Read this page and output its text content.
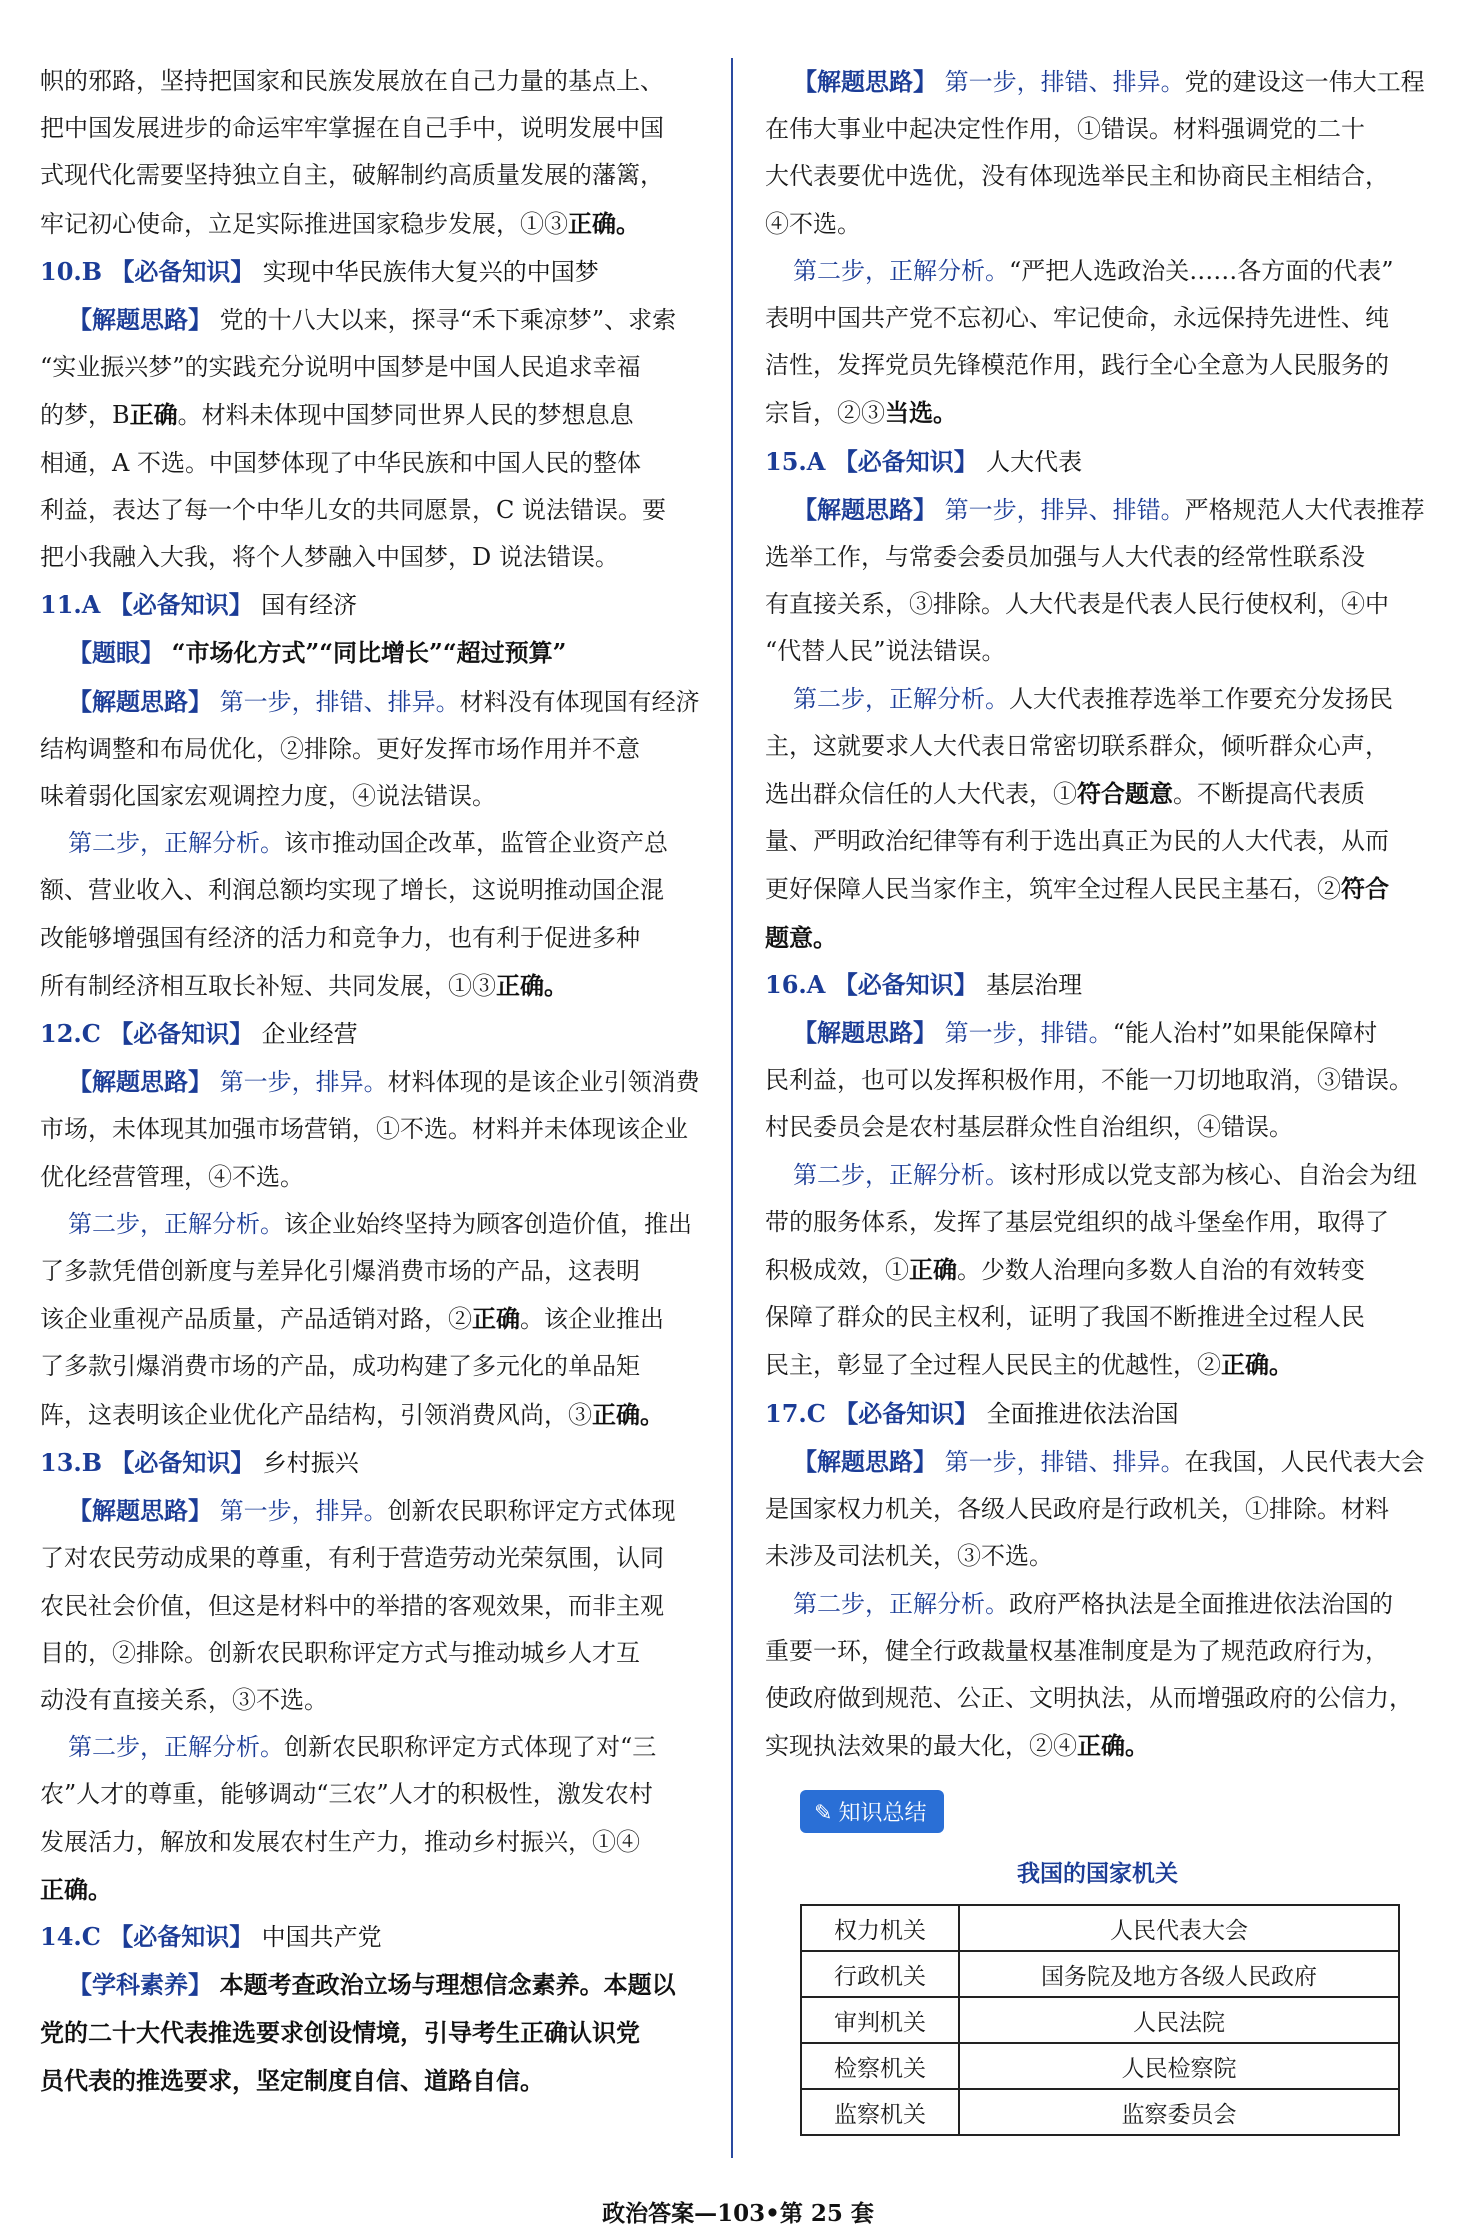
帜的邪路，坚持把国家和民族发展放在自己力量的基点上、

把中国发展进步的命运牢牢掌握在自己手中，说明发展中国

式现代化需要坚持独立自主，破解制约高质量发展的藩篱，

牢记初心使命，立足实际推进国家稳步发展，①③正确。

10.B 【必备知识】 实现中华民族伟大复兴的中国梦

【解题思路】 党的十八大以来，探寻“禾下乘凉梦”、求索

“实业振兴梦”的实践充分说明中国梦是中国人民追求幸福

的梦，B正确。材料未体现中国梦同世界人民的梦想息息

相通，A 不选。中国梦体现了中华民族和中国人民的整体

利益，表达了每一个中华儿女的共同愿景，C 说法错误。要

把小我融入大我，将个人梦融入中国梦，D 说法错误。

11.A 【必备知识】 国有经济

【题眼】 “市场化方式”“同比增长”“超过预算”

【解题思路】 第一步，排错、排异。材料没有体现国有经济

结构调整和布局优化，②排除。更好发挥市场作用并不意

味着弱化国家宏观调控力度，④说法错误。

第二步，正解分析。该市推动国企改革，监管企业资产总

额、营业收入、利润总额均实现了增长，这说明推动国企混

改能够增强国有经济的活力和竞争力，也有利于促进多种

所有制经济相互取长补短、共同发展，①③正确。

12.C 【必备知识】 企业经营

【解题思路】 第一步，排异。材料体现的是该企业引领消费

市场，未体现其加强市场营销，①不选。材料并未体现该企业

优化经营管理，④不选。

第二步，正解分析。该企业始终坚持为顾客创造价值，推出

了多款凭借创新度与差异化引爆消费市场的产品，这表明

该企业重视产品质量，产品适销对路，②正确。该企业推出

了多款引爆消费市场的产品，成功构建了多元化的单品矩

阵，这表明该企业优化产品结构，引领消费风尚，③正确。

13.B 【必备知识】 乡村振兴

【解题思路】 第一步，排异。创新农民职称评定方式体现

了对农民劳动成果的尊重，有利于营造劳动光荣氛围，认同

农民社会价值，但这是材料中的举措的客观效果，而非主观

目的，②排除。创新农民职称评定方式与推动城乡人才互

动没有直接关系，③不选。

第二步，正解分析。创新农民职称评定方式体现了对“三

农”人才的尊重，能够调动“三农”人才的积极性，激发农村

发展活力，解放和发展农村生产力，推动乡村振兴，①④

正确。

14.C 【必备知识】 中国共产党

【学科素养】 本题考查政治立场与理想信念素养。本题以

党的二十大代表推选要求创设情境，引导考生正确认识党

员代表的推选要求，坚定制度自信、道路自信。

【解题思路】 第一步，排错、排异。党的建设这一伟大工程

在伟大事业中起决定性作用，①错误。材料强调党的二十

大代表要优中选优，没有体现选举民主和协商民主相结合，

④不选。

第二步，正解分析。“严把人选政治关……各方面的代表”

表明中国共产党不忘初心、牢记使命，永远保持先进性、纯

洁性，发挥党员先锋模范作用，践行全心全意为人民服务的

宗旨，②③当选。

15.A 【必备知识】 人大代表

【解题思路】 第一步，排异、排错。严格规范人大代表推荐

选举工作，与常委会委员加强与人大代表的经常性联系没

有直接关系，③排除。人大代表是代表人民行使权利，④中

“代替人民”说法错误。

第二步，正解分析。人大代表推荐选举工作要充分发扬民

主，这就要求人大代表日常密切联系群众，倾听群众心声，

选出群众信任的人大代表，①符合题意。不断提高代表质

量、严明政治纪律等有利于选出真正为民的人大代表，从而

更好保障人民当家作主，筑牢全过程人民民主基石，②符合

题意。

16.A 【必备知识】 基层治理

【解题思路】 第一步，排错。“能人治村”如果能保障村

民利益，也可以发挥积极作用，不能一刀切地取消，③错误。

村民委员会是农村基层群众性自治组织，④错误。

第二步，正解分析。该村形成以党支部为核心、自治会为纽

带的服务体系，发挥了基层党组织的战斗堡垒作用，取得了

积极成效，①正确。少数人治理向多数人自治的有效转变

保障了群众的民主权利，证明了我国不断推进全过程人民

民主，彰显了全过程人民民主的优越性，②正确。

17.C 【必备知识】 全面推进依法治国

【解题思路】 第一步，排错、排异。在我国，人民代表大会

是国家权力机关，各级人民政府是行政机关，①排除。材料

未涉及司法机关，③不选。

第二步，正解分析。政府严格执法是全面推进依法治国的

重要一环，健全行政裁量权基准制度是为了规范政府行为，

使政府做到规范、公正、文明执法，从而增强政府的公信力，

实现执法效果的最大化，②④正确。

✎ 知识总结
我国的国家机关
权力机关	人民代表大会
行政机关	国务院及地方各级人民政府
审判机关	人民法院
检察机关	人民检察院
监察机关	监察委员会
政治答案—103•第 25 套
